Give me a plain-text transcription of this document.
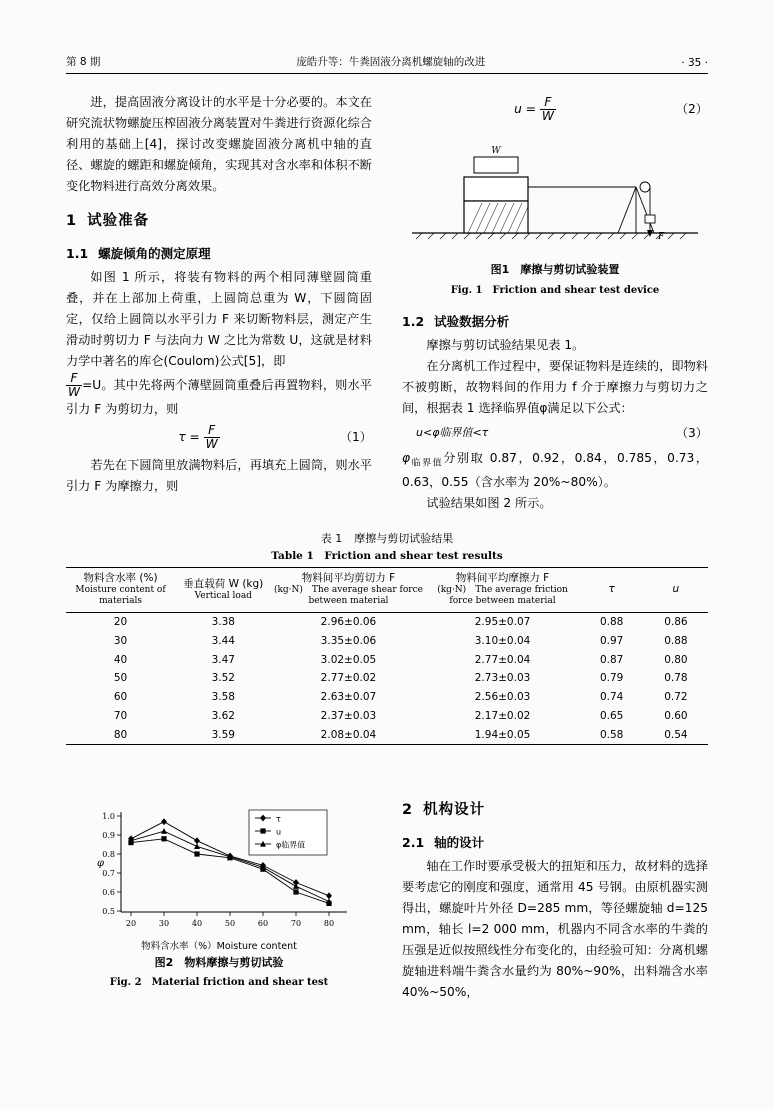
第 8 期	庞皓升等：牛粪固液分离机螺旋轴的改进	· 35 ·

进，提高固液分离设计的水平是十分必要的。本文在研究流状物螺旋压榨固液分离装置对牛粪进行资源化综合利用的基础上[4]，探讨改变螺旋固液分离机中轴的直径、螺旋的螺距和螺旋倾角，实现其对含水率和体积不断变化物料进行高效分离效果。

1 试验准备
1.1 螺旋倾角的测定原理

如图 1 所示，将装有物料的两个相同薄壁圆筒重叠，并在上部加上荷重，上圆筒总重为 W，下圆筒固定，仅给上圆筒以水平引力 F 来切断物料层，测定产生滑动时剪切力 F 与法向力 W 之比为常数 U，这就是材料力学中著名的库仑(Coulom)公式[5]，即

$\frac{F}{W} =U$。其中先将两个薄壁圆筒重叠后再置物料，则水平引力 F 为剪切力，则

$\tau = \frac{F}{W}$	（1）

若先在下圆筒里放满物料后，再填充上圆筒，则水平引力 F 为摩擦力，则

$u = \frac{F}{W}$	（2）
W
F
图1　摩擦与剪切试验装置
Fig. 1　Friction and shear test device
1.2 试验数据分析

摩擦与剪切试验结果见表 1。

在分离机工作过程中，要保证物料是连续的，即物料不被剪断，故物料间的作用力 f 介于摩擦力与剪切力之间，根据表 1 选择临界值φ满足以下公式：

u<φ临界值<τ	（3）

$\varphi_{临界值}$分别取 0.87，0.92，0.84，0.785，0.73，0.63，0.55（含水率为 20%~80%）。

试验结果如图 2 所示。

表 1 摩擦与剪切试验结果
Table 1　Friction and shear test results
物料含水率 (%)
Moisture content of materials	垂直载荷 W (kg)
Vertical load	物料间平均剪切力 F
(kg·N)　The average shear force between material	物料间平均摩擦力 F
(kg·N)　The average friction force between material	τ	u
20	3.38	2.96±0.06	2.95±0.07	0.88	0.86
30	3.44	3.35±0.06	3.10±0.04	0.97	0.88
40	3.47	3.02±0.05	2.77±0.04	0.87	0.80
50	3.52	2.77±0.02	2.73±0.03	0.79	0.78
60	3.58	2.63±0.07	2.56±0.03	0.74	0.72
70	3.62	2.37±0.03	2.17±0.02	0.65	0.60
80	3.59	2.08±0.04	1.94±0.05	0.58	0.54
1.0
0.9
0.8
0.7
0.6
0.5
φ
20	30	40	50	60	70	80
τ
u
φ临界值
物料含水率（%）Moisture content
图2　物料摩擦与剪切试验
Fig. 2　Material friction and shear test
2 机构设计
2.1 轴的设计

轴在工作时要承受极大的扭矩和压力，故材料的选择要考虑它的刚度和强度，通常用 45 号钢。由原机器实测得出，螺旋叶片外径 D=285 mm，等径螺旋轴 d=125 mm，轴长 l=2 000 mm，机器内不同含水率的牛粪的压强是近似按照线性分布变化的，由经验可知：分离机螺旋轴进料端牛粪含水量约为 80%~90%，出料端含水率 40%~50%，
